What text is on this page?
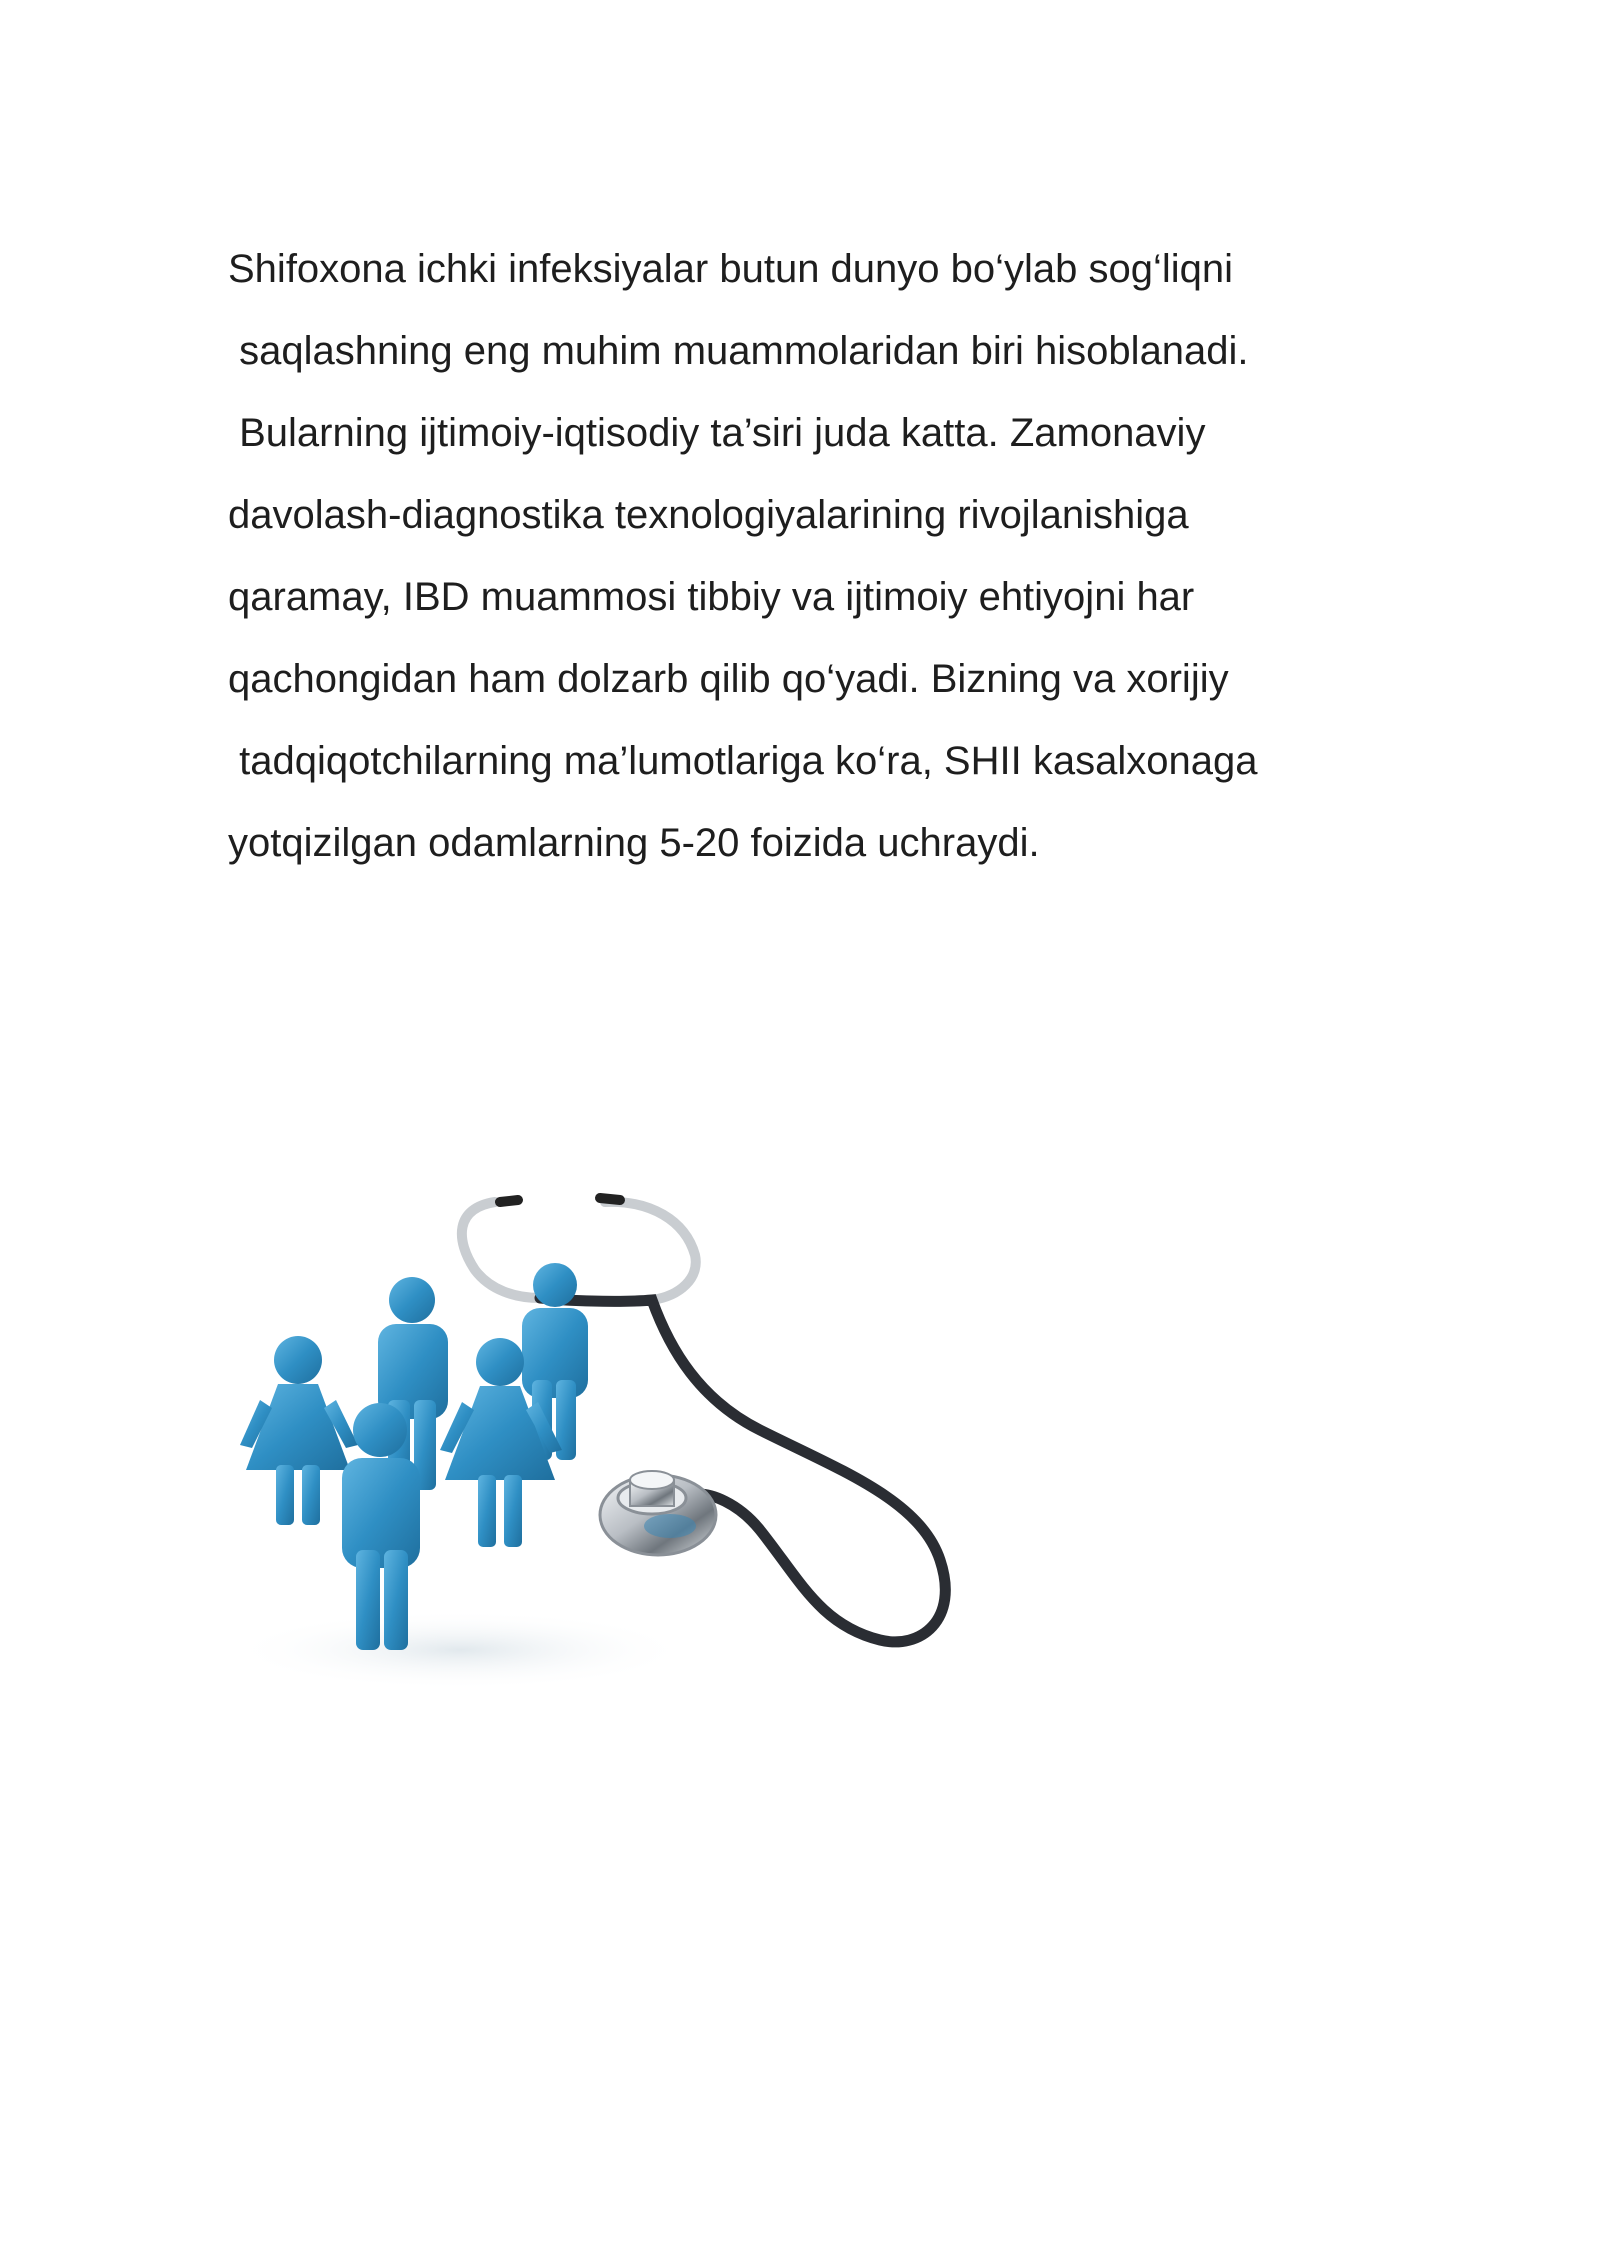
Shifoxona ichki infeksiyalar butun dunyo bo‘ylab sog‘liqni
saqlashning eng muhim muammolaridan biri hisoblanadi.
Bularning ijtimoiy-iqtisodiy ta’siri juda katta. Zamonaviy
davolash-diagnostika texnologiyalarining rivojlanishiga
qaramay, IBD muammosi tibbiy va ijtimoiy ehtiyojni har
qachongidan ham dolzarb qilib qo‘yadi. Bizning va xorijiy
tadqiqotchilarning ma’lumotlariga ko‘ra, SHII kasalxonaga
yotqizilgan odamlarning 5-20 foizida uchraydi.
